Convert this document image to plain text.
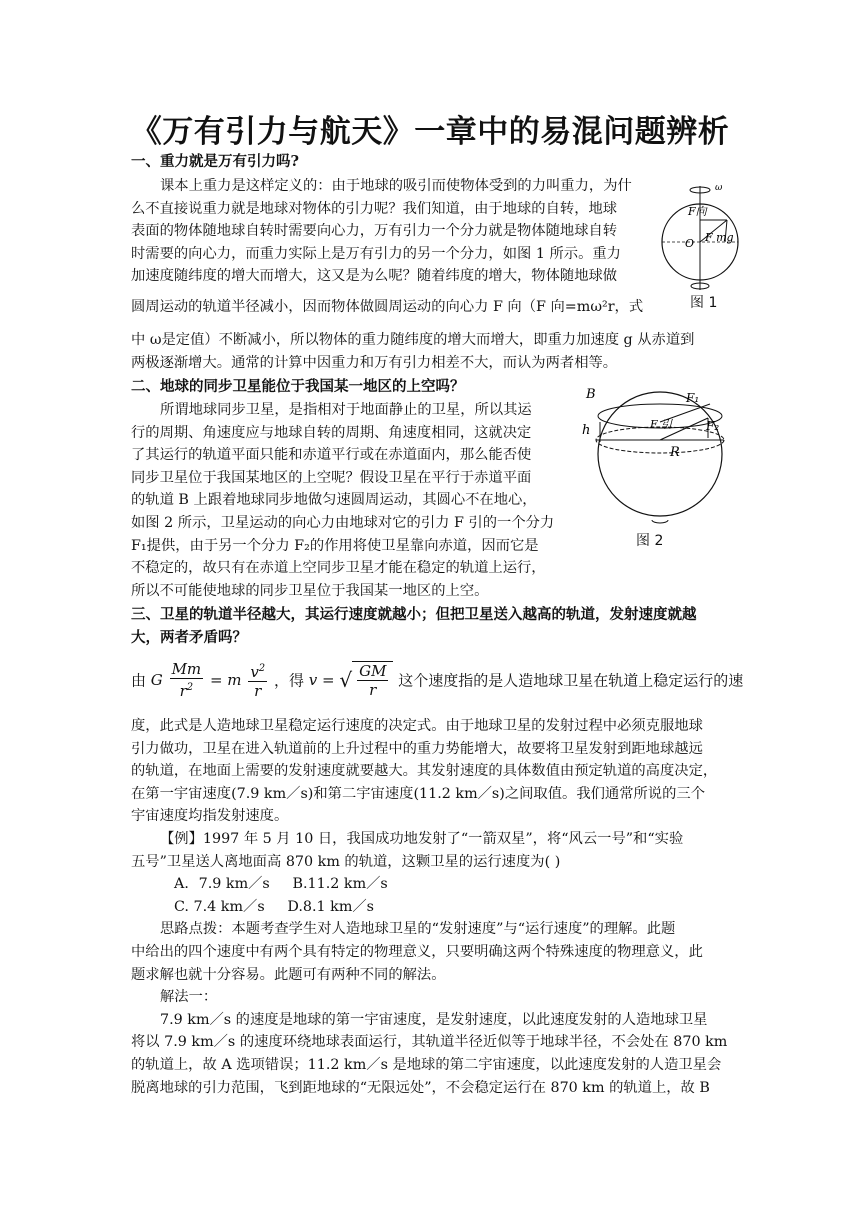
《万有引力与航天》一章中的易混问题辨析
一、重力就是万有引力吗?
课本上重力是这样定义的：由于地球的吸引而使物体受到的力叫重力，为什
么不直接说重力就是地球对物体的引力呢？我们知道，由于地球的自转，地球
表面的物体随地球自转时需要向心力，万有引力一个分力就是物体随地球自转
时需要的向心力，而重力实际上是万有引力的另一个分力，如图 1 所示。重力
加速度随纬度的增大而增大，这又是为么呢？随着纬度的增大，物体随地球做
圆周运动的轨道半径减小，因而物体做圆周运动的向心力 F 向（F 向=mω²r，式
中 ω是定值）不断减小，所以物体的重力随纬度的增大而增大，即重力加速度 g 从赤道到
两极逐渐增大。通常的计算中因重力和万有引力相差不大，而认为两者相等。
ω
F向
O F mg
图 1
二、地球的同步卫星能位于我国某一地区的上空吗？
所谓地球同步卫星，是指相对于地面静止的卫星，所以其运
行的周期、角速度应与地球自转的周期、角速度相同，这就决定
了其运行的轨道平面只能和赤道平行或在赤道面内，那么能否使
同步卫星位于我国某地区的上空呢？假设卫星在平行于赤道平面
的轨道 B 上跟着地球同步地做匀速圆周运动，其圆心不在地心，
如图 2 所示，卫星运动的向心力由地球对它的引力 F 引的一个分力
F₁提供，由于另一个分力 F₂的作用将使卫星靠向赤道，因而它是
不稳定的，故只有在赤道上空同步卫星才能在稳定的轨道上运行，
所以不可能使地球的同步卫星位于我国某一地区的上空。
B
h
F₁
F₂
F 引
R
图 2
三、卫星的轨道半径越大，其运行速度就越小；但把卫星送入越高的轨道，发射速度就越
大，两者矛盾吗？
由 G $\frac{Mm}{r^2} = m \frac{v^2}{r}$ ，得 v = √ $\frac{GM}{r}$ 这个速度指的是人造地球卫星在轨道上稳定运行的速
度，此式是人造地球卫星稳定运行速度的决定式。由于地球卫星的发射过程中必须克服地球
引力做功，卫星在进入轨道前的上升过程中的重力势能增大，故要将卫星发射到距地球越远
的轨道，在地面上需要的发射速度就要越大。其发射速度的具体数值由预定轨道的高度决定，
在第一宇宙速度(7.9 km／s)和第二宇宙速度(11.2 km／s)之间取值。我们通常所说的三个
宇宙速度均指发射速度。
【例】1997 年 5 月 10 日，我国成功地发射了“一箭双星”，将“风云一号”和“实验
五号”卫星送人离地面高 870 km 的轨道，这颗卫星的运行速度为( )
A．7.9 km／s     B.11.2 km／s
C. 7.4 km／s     D.8.1 km／s
思路点拨：本题考查学生对人造地球卫星的“发射速度”与“运行速度”的理解。此题
中给出的四个速度中有两个具有特定的物理意义，只要明确这两个特殊速度的物理意义，此
题求解也就十分容易。此题可有两种不同的解法。
解法一：
7.9 km／s 的速度是地球的第一宇宙速度，是发射速度，以此速度发射的人造地球卫星
将以 7.9 km／s 的速度环绕地球表面运行，其轨道半径近似等于地球半径，不会处在 870 km
的轨道上，故 A 选项错误；11.2 km／s 是地球的第二宇宙速度，以此速度发射的人造卫星会
脱离地球的引力范围，飞到距地球的“无限远处”，不会稳定运行在 870 km 的轨道上，故 B
